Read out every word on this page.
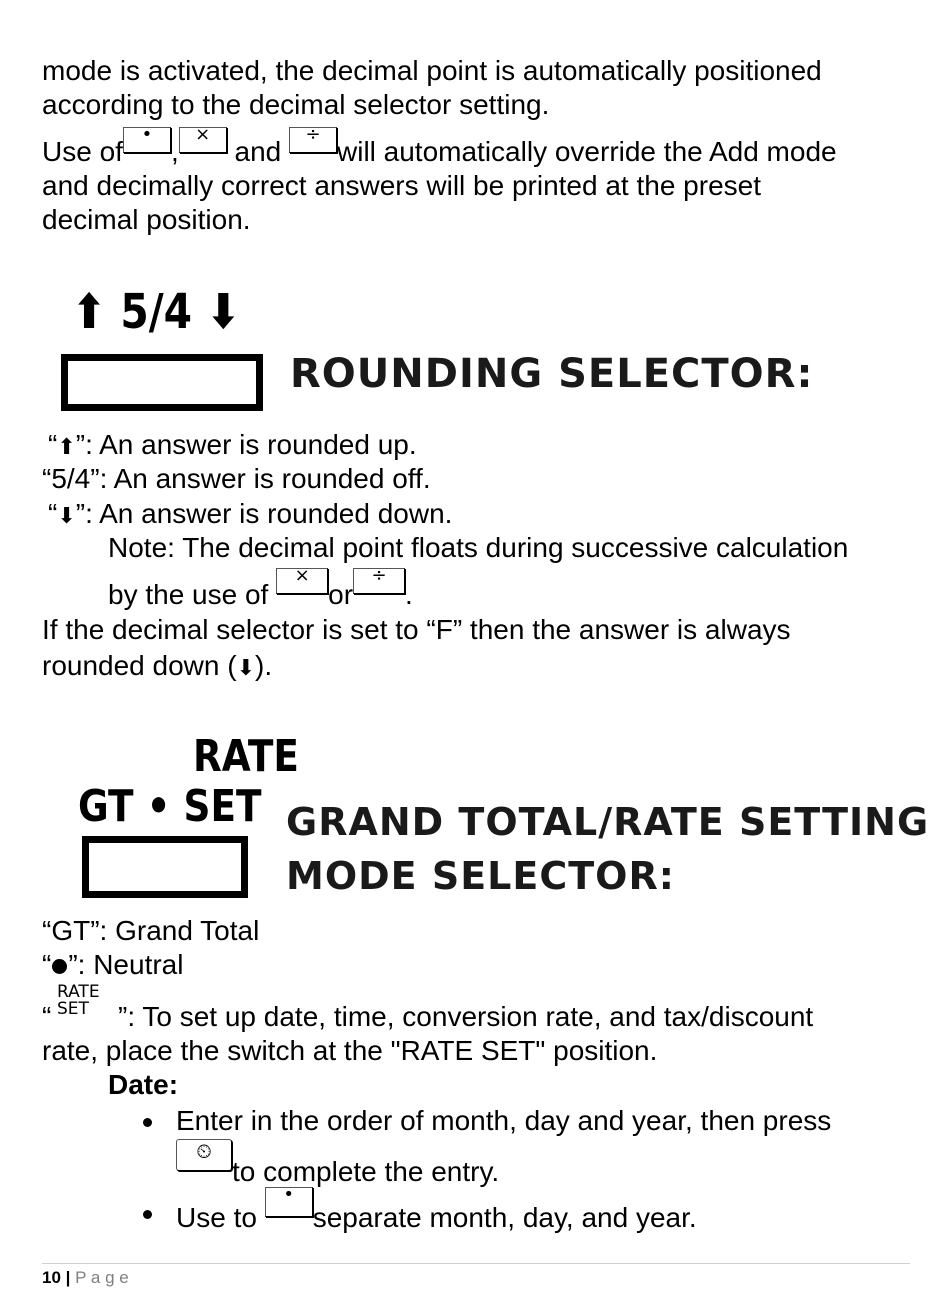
mode is activated, the decimal point is automatically positioned
according to the decimal selector setting.
Use of
•
,
×
and
÷
will automatically override the Add mode
and decimally correct answers will be printed at the preset
decimal position.
⬆ 5/4 ⬇
ROUNDING SELECTOR:
“⬆”: An answer is rounded up.
“5/4”: An answer is rounded off.
“⬇”: An answer is rounded down.
Note: The decimal point floats during successive calculation
by the use of
×
or
÷
.
If the decimal selector is set to “F” then the answer is always
rounded down (⬇).
RATE
GT • SET GRAND TOTAL/RATE SETTING
MODE SELECTOR:
“GT”: Grand Total
“ ”: Neutral
RATE
SET
“ ”: To set up date, time, conversion rate, and tax/discount
rate, place the switch at the "RATE SET" position.
Date:
Enter in the order of month, day and year, then press
⏲
to complete the entry.
Use to
•
separate month, day, and year.
10 | P a g e
